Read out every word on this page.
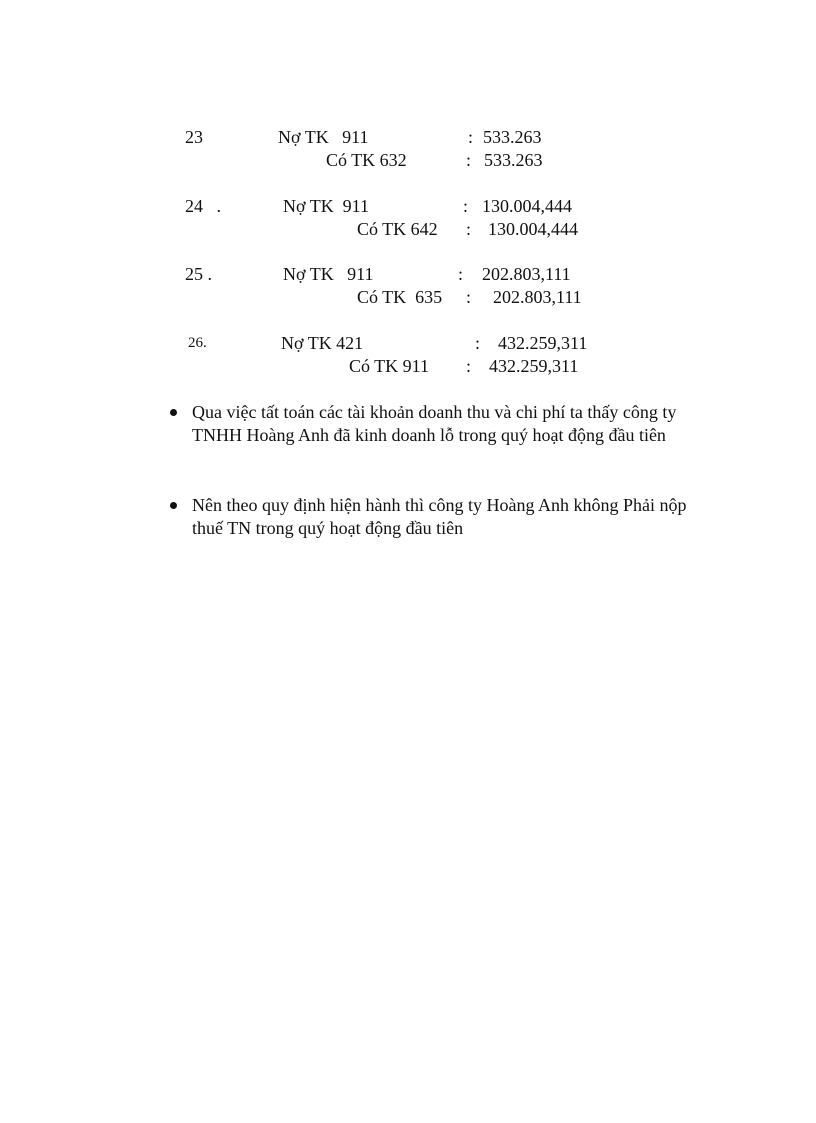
23	Nợ TK   911	: 533.263
Có TK 632	: 533.263
24   .	Nợ TK  911	: 130.004,444
Có TK 642 : 130.004,444
25 .	Nợ TK   911	: 202.803,111
Có TK  635 : 202.803,111
26.	Nợ TK 421	: 432.259,311
Có TK 911 : 432.259,311
Qua việc tất toán các tài khoản doanh thu và chi phí ta thấy công ty TNHH Hoàng Anh đã kinh doanh lỗ trong quý hoạt động đầu tiên
Nên theo quy định hiện hành thì công ty Hoàng Anh không Phải nộp thuế TN trong quý hoạt động đầu tiên
